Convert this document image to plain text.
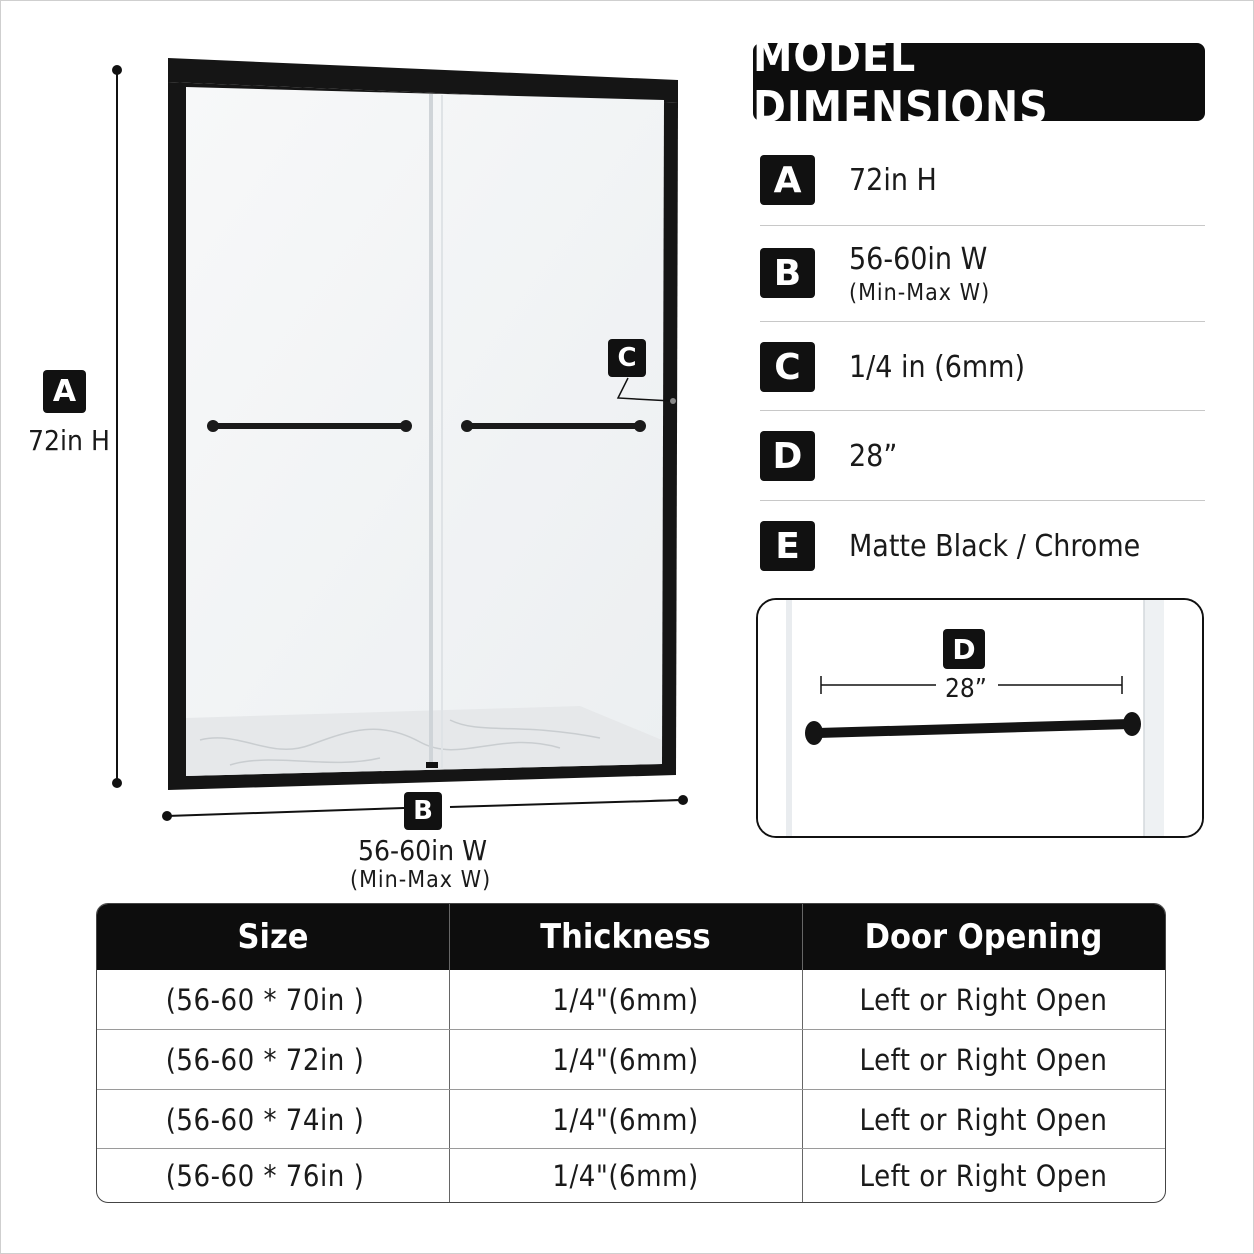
A
72in H
B
56-60in W
(Min-Max W)
C
MODEL DIMENSIONS
A	72in H
B	56-60in W
(Min-Max W)
C	1/4 in (6mm)
D	28”
E	Matte Black / Chrome
D
28”
Size	Thickness	Door Opening
(56-60 * 70in )	1/4"(6mm)	Left or Right Open
(56-60 * 72in )	1/4"(6mm)	Left or Right Open
(56-60 * 74in )	1/4"(6mm)	Left or Right Open
(56-60 * 76in )	1/4"(6mm)	Left or Right Open
